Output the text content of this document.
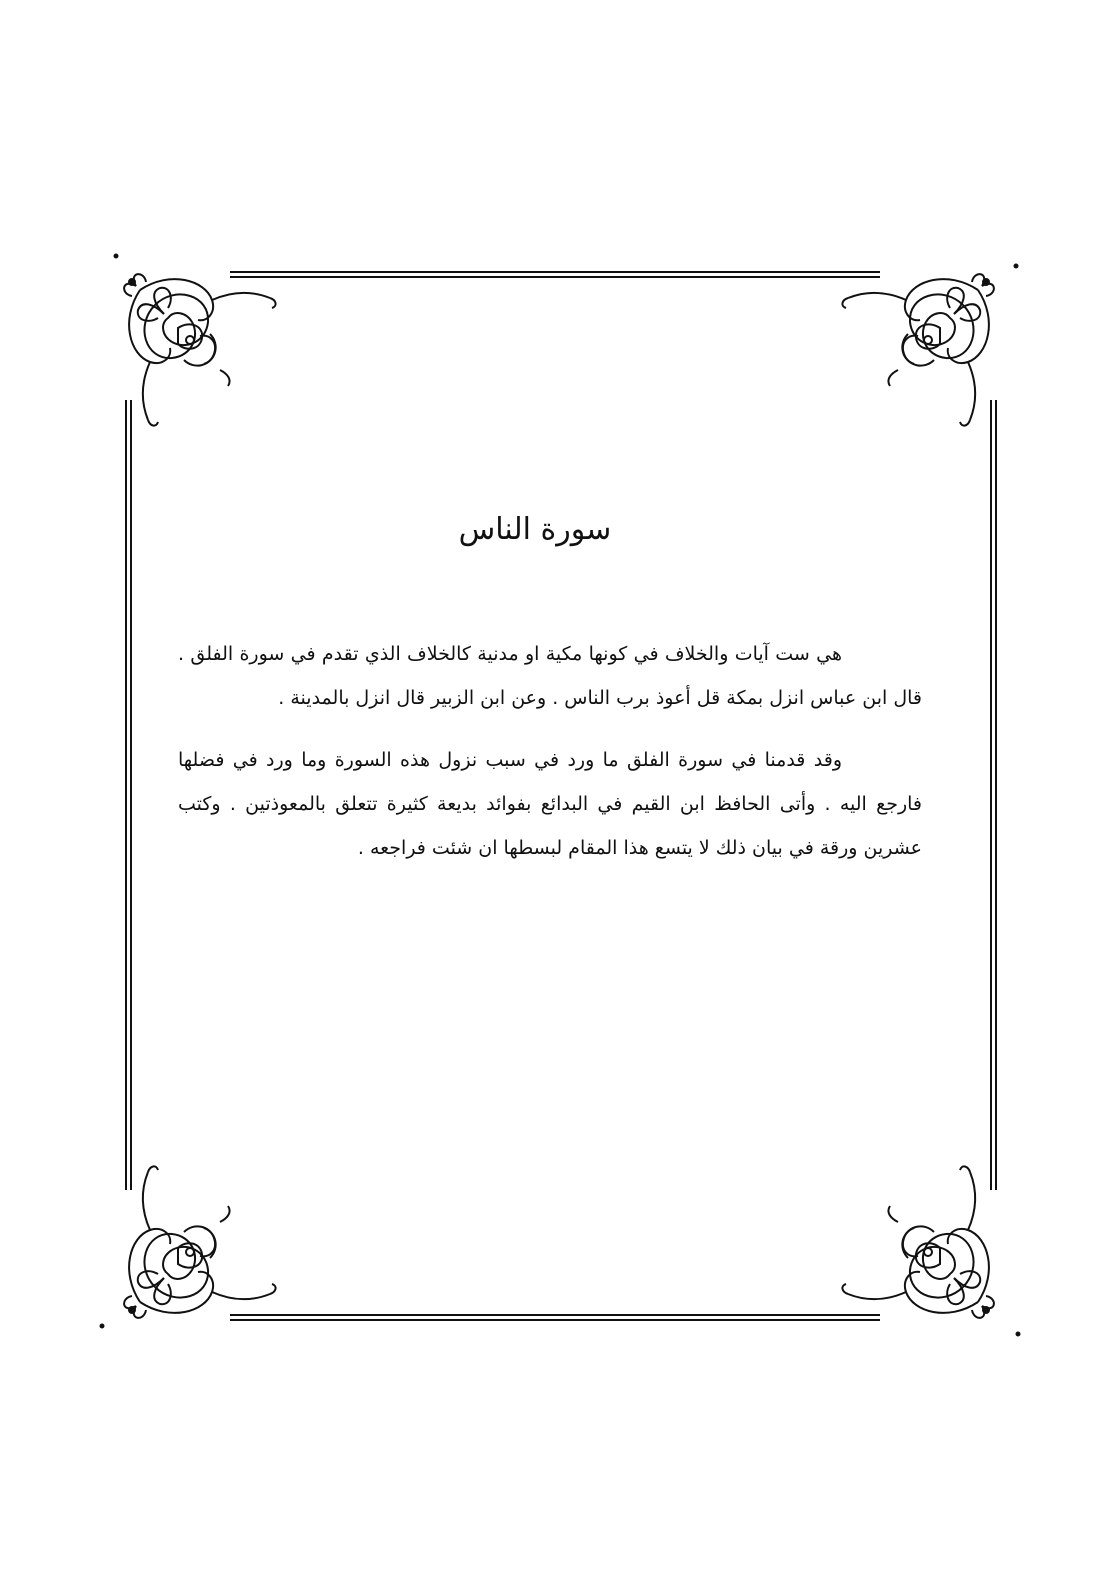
سورة الناس

هي ست آيات والخلاف في كونها مكية او مدنية كالخلاف الذي تقدم في سورة الفلق . قال ابن عباس انزل بمكة قل أعوذ برب الناس . وعن ابن الزبير قال انزل بالمدينة .

وقد قدمنا في سورة الفلق ما ورد في سبب نزول هذه السورة وما ورد في فضلها فارجع اليه . وأتى الحافظ ابن القيم في البدائع بفوائد بديعة كثيرة تتعلق بالمعوذتين . وكتب عشرين ورقة في بيان ذلك لا يتسع هذا المقام لبسطها ان شئت فراجعه .
